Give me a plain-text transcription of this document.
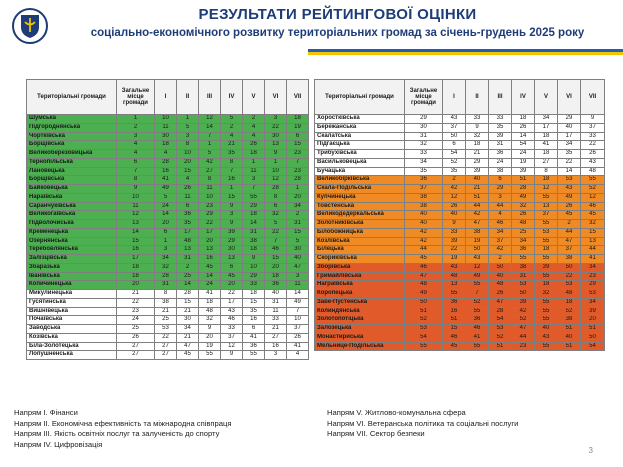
РЕЗУЛЬТАТИ РЕЙТИНГОВОЇ ОЦІНКИ
соціально-економічного розвитку територіальних громад за січень-грудень 2025 року
Територіальні громади	Загальне місце громади	I	II	III	IV	V	VI	VII
Шумська	1	10	1	12	5	2	3	18
Підгороднянська	2	11	5	14	2	4	22	19
Чортківська	3	30	3	7	4	4	30	6
Борщівська	4	18	8	1	21	26	13	15
Великоберезовицька	4	4	10	5	35	18	9	23
Тернопільська	6	28	20	42	8	1	1	7
Лановецька	7	16	15	27	7	11	10	23
Борщівська	8	41	4	8	16	3	12	28
Байковецька	9	49	26	11	1	7	28	1
Нараївська	10	5	11	10	15	55	8	20
Саранчуківська	11	24	6	23	9	29	6	34
Великогаївська	12	14	36	29	3	18	32	2
Підволочиська	13	20	35	22	9	14	5	31
Кременецька	14	6	17	17	39	31	22	15
Озернянська	15	1	48	20	29	38	7	5
Теребовлянська	16	3	13	13	30	18	46	30
Залізцівська	17	34	31	16	13	9	15	40
Збаразька	18	32	2	45	6	10	20	47
Іванівська	18	28	25	14	45	29	18	3
Копичинецька	20	31	14	24	20	33	36	11
Микулинецька	21	8	28	41	22	18	40	14
Гусятинська	22	38	15	18	17	15	31	49
Вишнівецька	23	21	21	48	43	35	11	7
Почаївська	24	25	30	32	46	16	33	10
Заводська	25	53	34	9	33	6	21	37
Козівська	26	22	21	20	37	41	27	26
Біла-Золотецька	27	27	47	19	12	36	16	41
Лопушненська	27	27	45	55	9	55	3	4
Територіальні громади	Загальне місце громади	I	II	III	IV	V	VI	VII
Хоростківська	29	43	33	33	18	34	29	9
Бережанська	30	37	9	35	26	17	40	37
Скалатська	31	50	32	39	14	18	17	33
Підгаєцька	32	6	18	31	54	41	34	22
Трибухівська	33	54	21	36	24	18	35	26
Васильковецька	34	52	29	24	19	27	22	43
Бучацька	35	35	39	38	39	8	14	48
Великобірківська	36	2	40	6	51	18	53	55
Скала-Подільська	37	42	21	29	28	12	43	52
Купчинецька	38	12	51	3	49	55	49	12
Товстенська	38	26	44	44	32	13	26	46
Великодедеркальська	40	40	42	4	26	37	45	45
Золотниківська	40	9	47	46	48	55	2	32
Білобожницька	42	33	38	34	25	53	44	15
Козлівська	42	39	19	37	34	55	47	13
Білецька	44	22	50	42	36	18	37	44
Скориківська	45	19	43	2	55	55	38	41
Зборівська	46	43	12	50	38	39	50	34
Гримайлівська	47	48	49	40	31	55	22	23
Награївська	48	13	55	48	53	18	53	29
Коропецька	49	55	7	26	50	32	48	53
Заве-Пустенська	50	36	52	47	39	55	18	34
Колиндянська	51	16	55	28	42	55	52	39
Золотопотіцька	52	51	36	54	52	55	38	20
Залозецька	53	15	46	53	47	40	51	51
Монастириська	54	46	41	52	44	43	40	50
Мельнице-Подільська	55	45	55	51	23	55	51	54
Напрям I. Фінанси
Напрям II. Економічна ефективність та міжнародна співпраця
Напрям III. Якість освітніх послуг та залученість до спорту
Напрям IV. Цифровізація
Напрям V. Житлово-комунальна сфера
Напрям VI. Ветеранська політика та соціальні послуги
Напрям VII. Сектор безпеки
3
